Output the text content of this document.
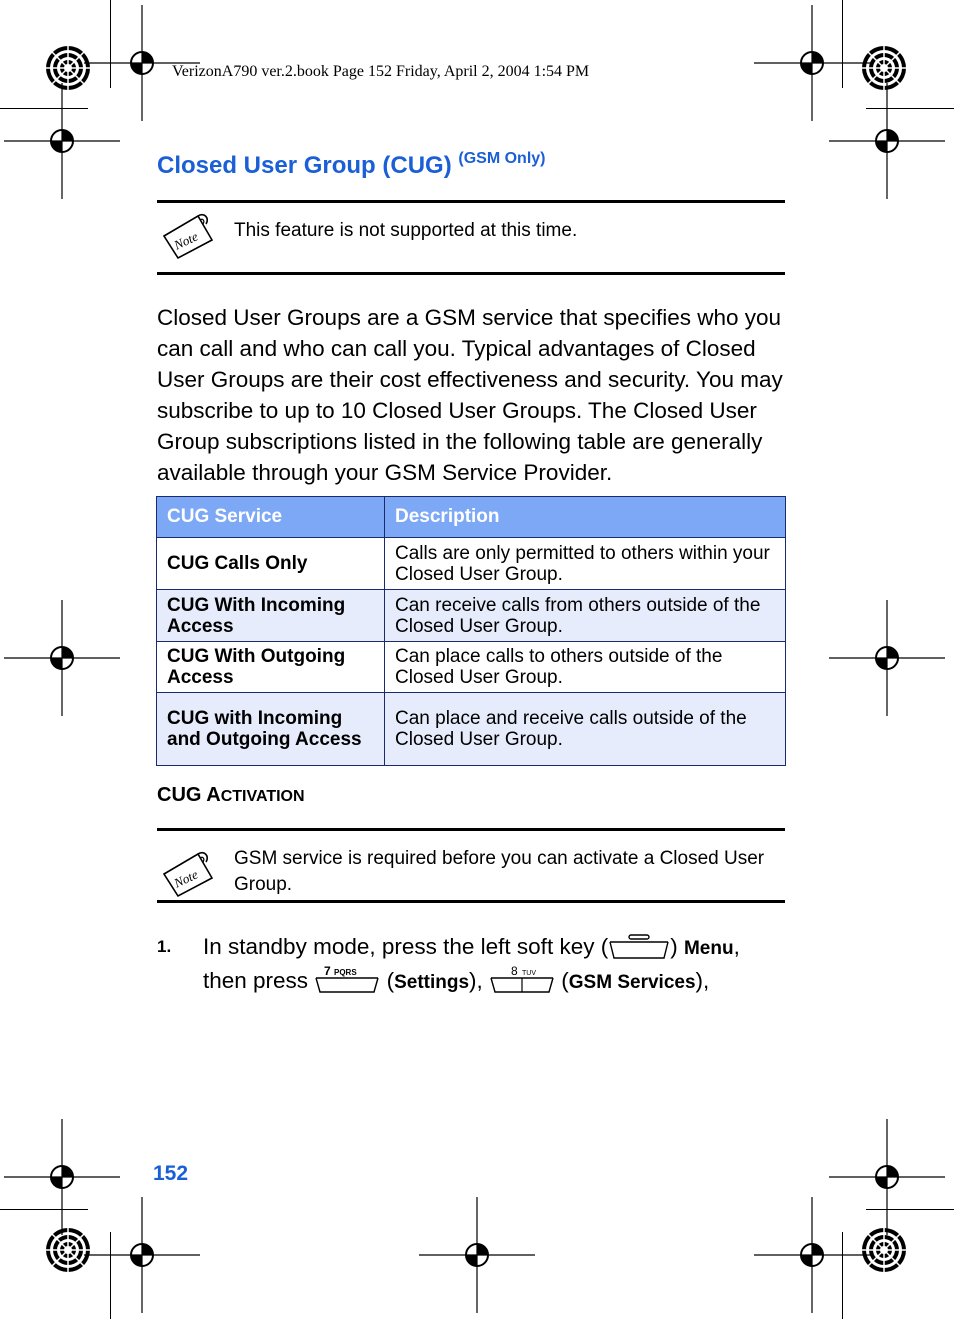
VerizonA790 ver.2.book Page 152 Friday, April 2, 2004 1:54 PM
Closed User Group (CUG) $^{(GSM Only)}$
Note This feature is not supported at this time.
Closed User Groups are a GSM service that specifies who you can call and who can call you. Typical advantages of Closed User Groups are their cost effectiveness and security. You may subscribe to up to 10 Closed User Groups. The Closed User Group subscriptions listed in the following table are generally available through your GSM Service Provider.
CUG Service	Description
CUG Calls Only	Calls are only permitted to others within your Closed User Group.
CUG With Incoming Access	Can receive calls from others outside of the Closed User Group.
CUG With Outgoing Access	Can place calls to others outside of the Closed User Group.
CUG with Incoming and Outgoing Access	Can place and receive calls outside of the Closed User Group.
CUG ACTIVATION
Note
GSM service is required before you can activate a Closed User Group.
1. In standby mode, press the left soft key (	) Menu,
then press 7 PQRS (Settings), 8 TUV (GSM Services),
152
